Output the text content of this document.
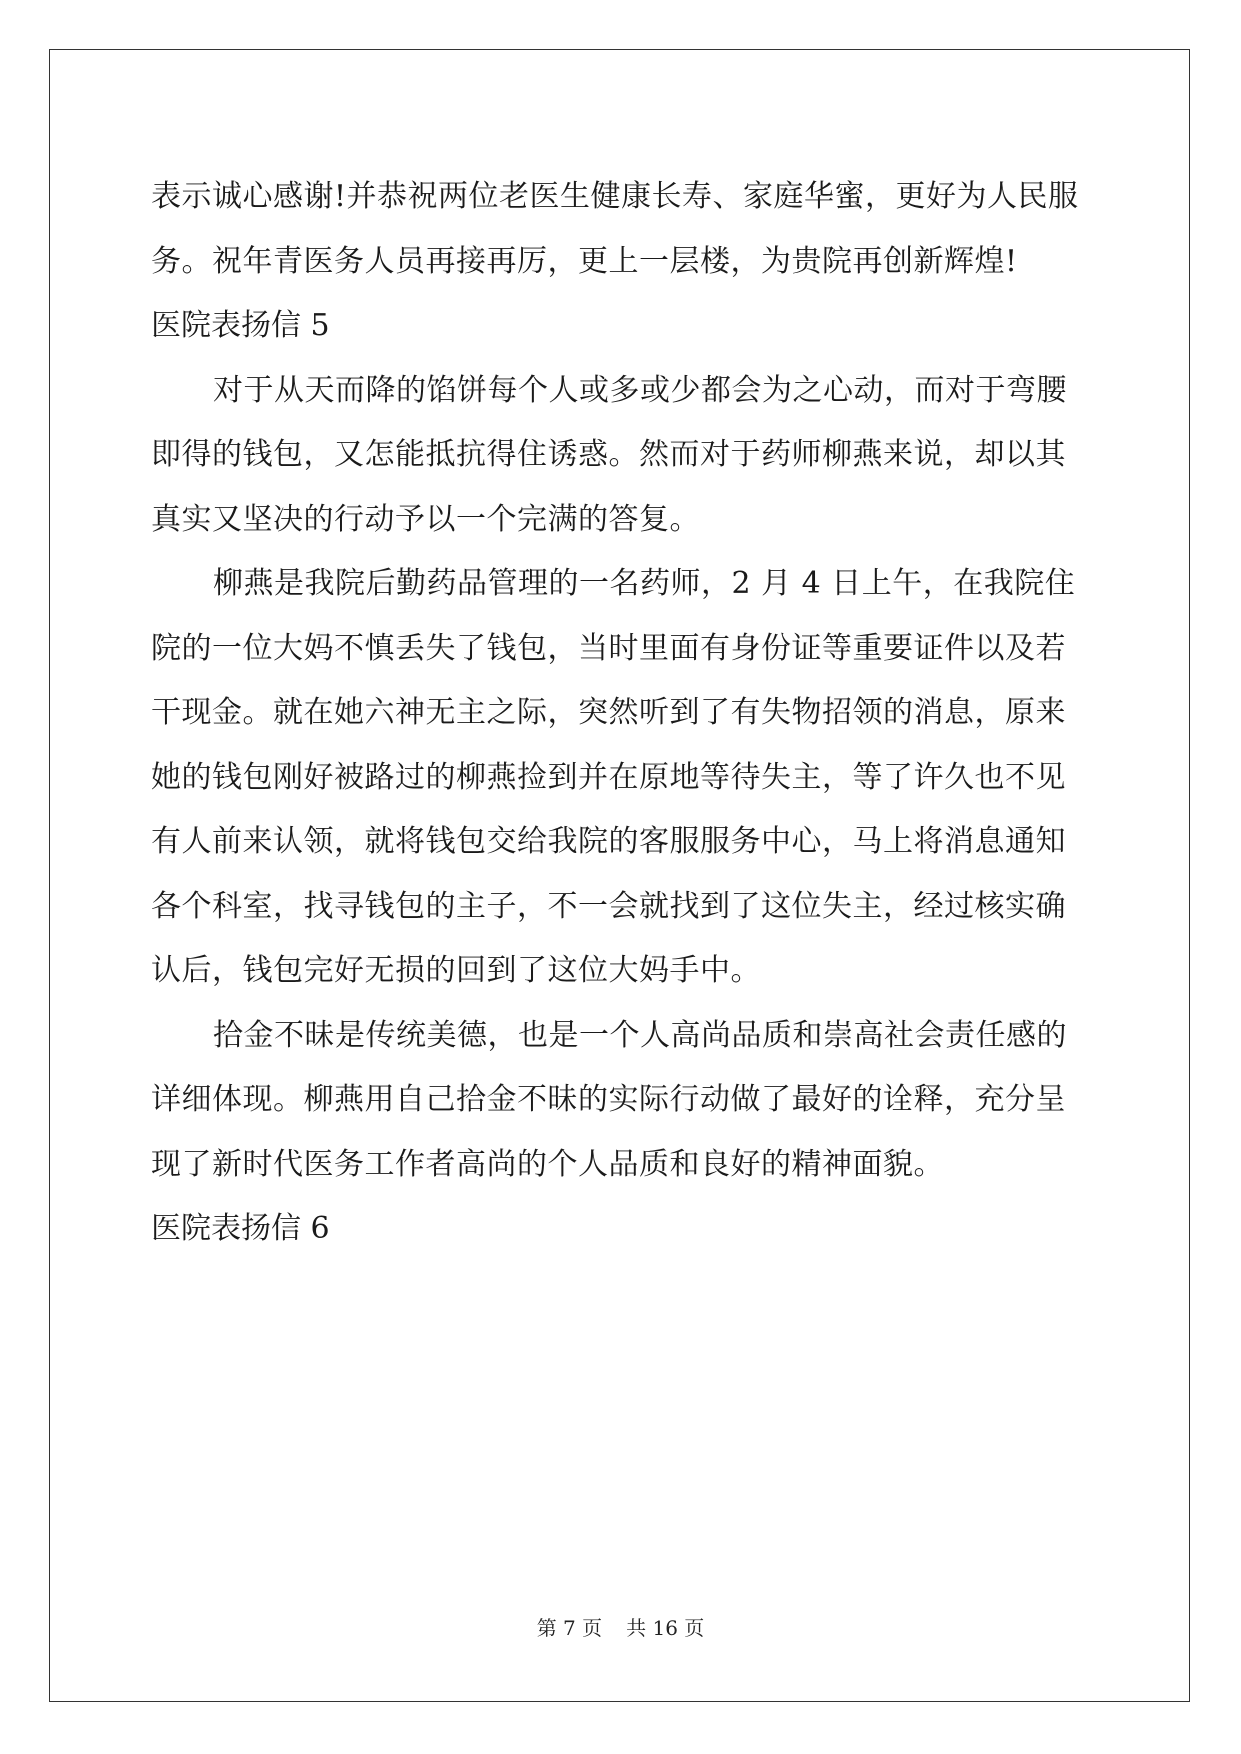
表示诚心感谢!并恭祝两位老医生健康长寿、家庭华蜜，更好为人民服
务。祝年青医务人员再接再厉，更上一层楼，为贵院再创新辉煌!
医院表扬信 5
对于从天而降的馅饼每个人或多或少都会为之心动，而对于弯腰
即得的钱包，又怎能抵抗得住诱惑。然而对于药师柳燕来说，却以其
真实又坚决的行动予以一个完满的答复。
柳燕是我院后勤药品管理的一名药师，2 月 4 日上午，在我院住
院的一位大妈不慎丢失了钱包，当时里面有身份证等重要证件以及若
干现金。就在她六神无主之际，突然听到了有失物招领的消息，原来
她的钱包刚好被路过的柳燕捡到并在原地等待失主，等了许久也不见
有人前来认领，就将钱包交给我院的客服服务中心，马上将消息通知
各个科室，找寻钱包的主子，不一会就找到了这位失主，经过核实确
认后，钱包完好无损的回到了这位大妈手中。
拾金不昧是传统美德，也是一个人高尚品质和崇高社会责任感的
详细体现。柳燕用自己拾金不昧的实际行动做了最好的诠释，充分呈
现了新时代医务工作者高尚的个人品质和良好的精神面貌。
医院表扬信 6
第 7 页 共 16 页
